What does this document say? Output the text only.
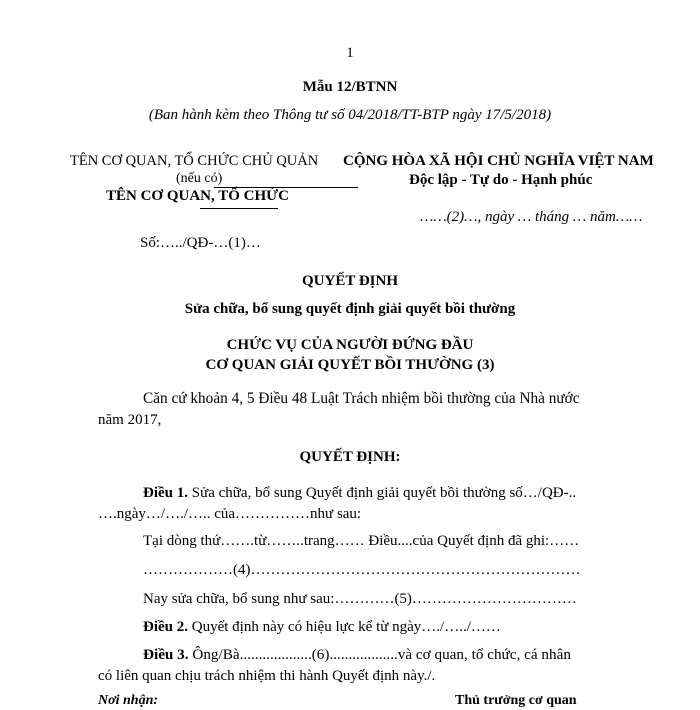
1
Mẫu 12/BTNN
(Ban hành kèm theo Thông tư số 04/2018/TT-BTP ngày 17/5/2018)
TÊN CƠ QUAN, TỔ CHỨC CHỦ QUẢN
(nếu có)
TÊN CƠ QUAN, TỔ CHỨC
CỘNG HÒA XÃ HỘI CHỦ NGHĨA VIỆT NAM
Độc lập - Tự do - Hạnh phúc
……(2)…, ngày … tháng … năm……
Số:…../QĐ-…(1)…
QUYẾT ĐỊNH
Sửa chữa, bổ sung quyết định giải quyết bồi thường
CHỨC VỤ CỦA NGƯỜI ĐỨNG ĐẦU
CƠ QUAN GIẢI QUYẾT BỒI THƯỜNG (3)
Căn cứ khoản 4, 5 Điều 48 Luật Trách nhiệm bồi thường của Nhà nước
năm 2017,
QUYẾT ĐỊNH:
Điều 1. Sửa chữa, bổ sung Quyết định giải quyết bồi thường số…/QĐ-..
….ngày…/…./….. của……………như sau:
Tại dòng thứ…….từ……..trang…… Điều....của Quyết định đã ghi:……
………………(4)…………………………………………………………
Nay sửa chữa, bổ sung như sau:…………(5)……………………………
Điều 2. Quyết định này có hiệu lực kể từ ngày…./…../……
Điều 3. Ông/Bà...................(6)..................và cơ quan, tổ chức, cá nhân
có liên quan chịu trách nhiệm thi hành Quyết định này./.
Nơi nhận:	Thủ trưởng cơ quan
